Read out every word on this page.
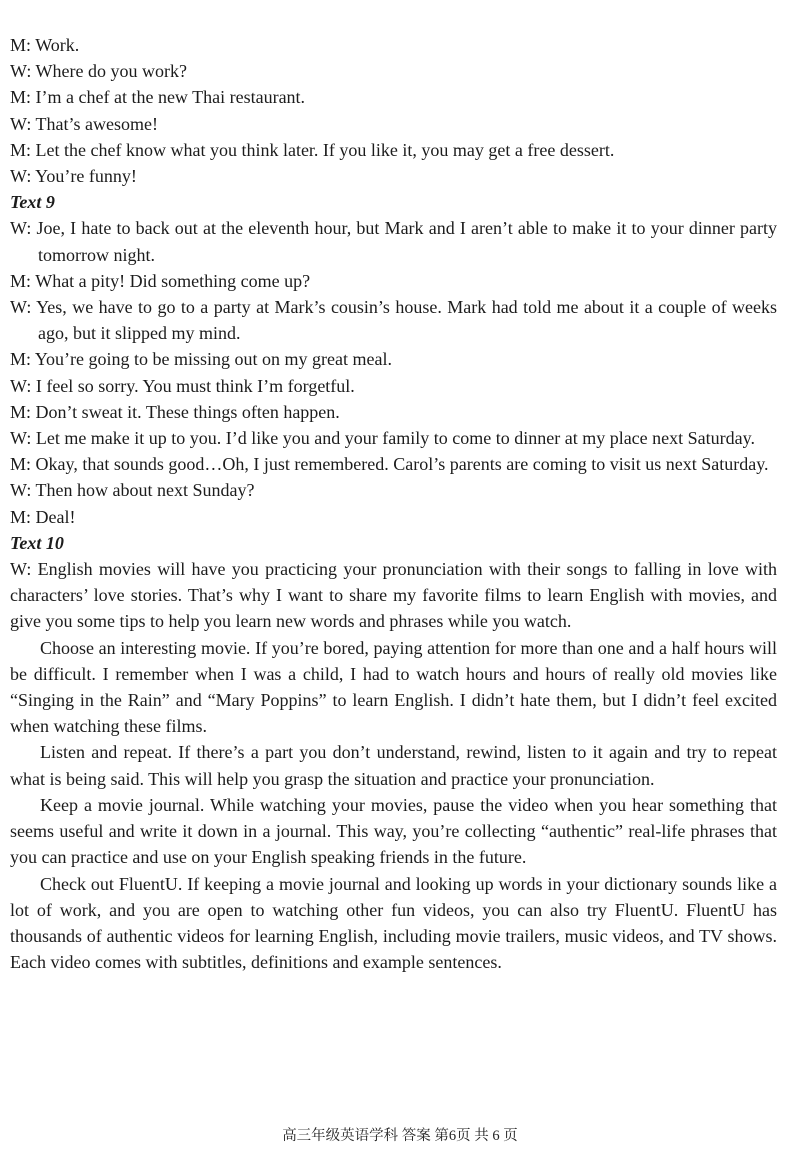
M: Work.

W: Where do you work?

M: I’m a chef at the new Thai restaurant.

W: That’s awesome!

M: Let the chef know what you think later. If you like it, you may get a free dessert.

W: You’re funny!

Text 9

W: Joe, I hate to back out at the eleventh hour, but Mark and I aren’t able to make it to your dinner party tomorrow night.

M: What a pity! Did something come up?

W: Yes, we have to go to a party at Mark’s cousin’s house. Mark had told me about it a couple of weeks ago, but it slipped my mind.

M: You’re going to be missing out on my great meal.

W: I feel so sorry. You must think I’m forgetful.

M: Don’t sweat it. These things often happen.

W: Let me make it up to you. I’d like you and your family to come to dinner at my place next Saturday.

M: Okay, that sounds good…Oh, I just remembered. Carol’s parents are coming to visit us next Saturday.

W: Then how about next Sunday?

M: Deal!

Text 10

W: English movies will have you practicing your pronunciation with their songs to falling in love with characters’ love stories. That’s why I want to share my favorite films to learn English with movies, and give you some tips to help you learn new words and phrases while you watch.

Choose an interesting movie. If you’re bored, paying attention for more than one and a half hours will be difficult. I remember when I was a child, I had to watch hours and hours of really old movies like “Singing in the Rain” and “Mary Poppins” to learn English. I didn’t hate them, but I didn’t feel excited when watching these films.

Listen and repeat. If there’s a part you don’t understand, rewind, listen to it again and try to repeat what is being said. This will help you grasp the situation and practice your pronunciation.

Keep a movie journal. While watching your movies, pause the video when you hear something that seems useful and write it down in a journal. This way, you’re collecting “authentic” real-life phrases that you can practice and use on your English speaking friends in the future.

Check out FluentU. If keeping a movie journal and looking up words in your dictionary sounds like a lot of work, and you are open to watching other fun videos, you can also try FluentU. FluentU has thousands of authentic videos for learning English, including movie trailers, music videos, and TV shows. Each video comes with subtitles, definitions and example sentences.

高三年级英语学科 答案 第6页 共 6 页
